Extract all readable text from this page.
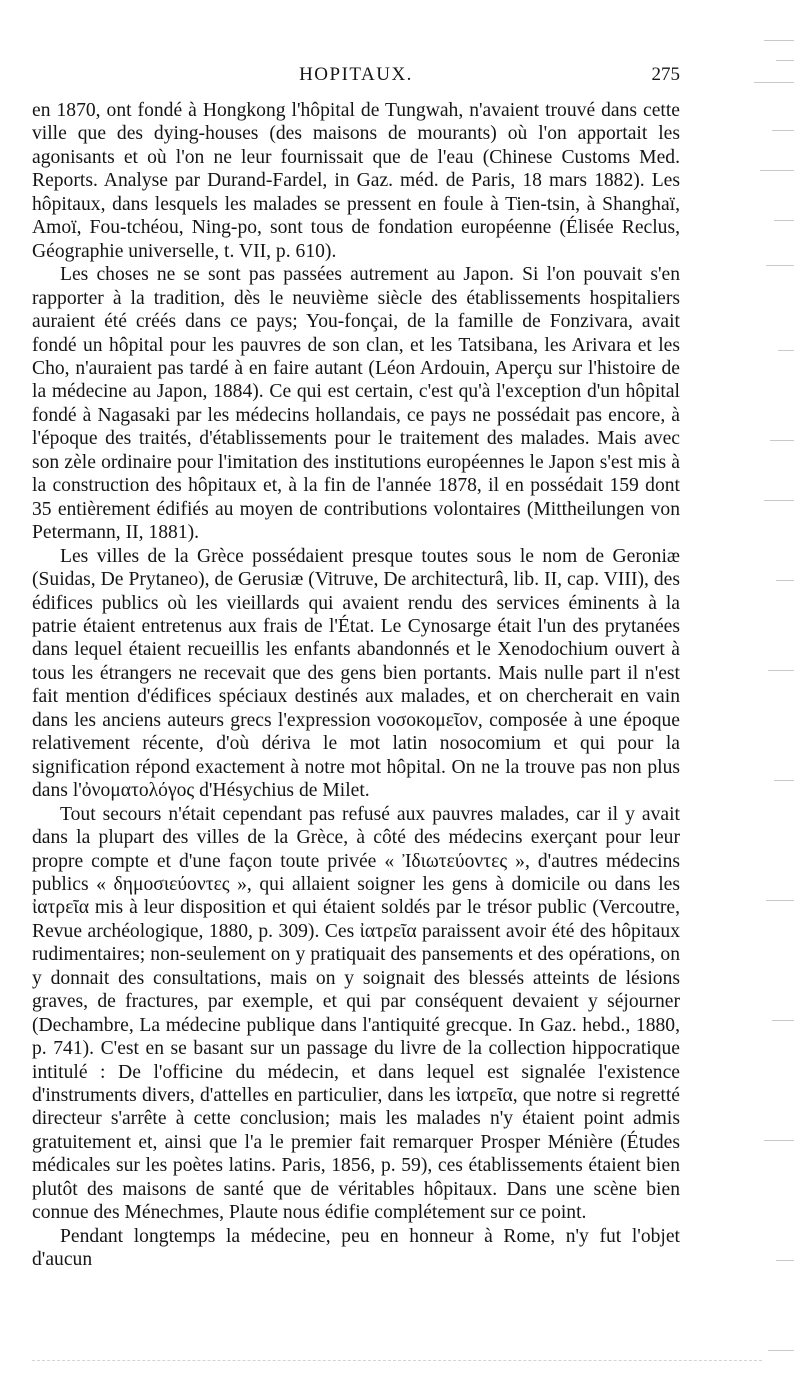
HOPITAUX.	275

en 1870, ont fondé à Hongkong l'hôpital de Tungwah, n'avaient trouvé dans cette ville que des dying-houses (des maisons de mourants) où l'on apportait les agonisants et où l'on ne leur fournissait que de l'eau (Chinese Customs Med. Reports. Analyse par Durand-Fardel, in Gaz. méd. de Paris, 18 mars 1882). Les hôpitaux, dans lesquels les malades se pressent en foule à Tien-tsin, à Shanghaï, Amoï, Fou-tchéou, Ning-po, sont tous de fondation européenne (Élisée Reclus, Géographie universelle, t. VII, p. 610).

Les choses ne se sont pas passées autrement au Japon. Si l'on pouvait s'en rapporter à la tradition, dès le neuvième siècle des établissements hospitaliers auraient été créés dans ce pays; You-fonçai, de la famille de Fonzivara, avait fondé un hôpital pour les pauvres de son clan, et les Tatsibana, les Arivara et les Cho, n'auraient pas tardé à en faire autant (Léon Ardouin, Aperçu sur l'histoire de la médecine au Japon, 1884). Ce qui est certain, c'est qu'à l'exception d'un hôpital fondé à Nagasaki par les médecins hollandais, ce pays ne possédait pas encore, à l'époque des traités, d'établissements pour le traitement des malades. Mais avec son zèle ordinaire pour l'imitation des institutions européennes le Japon s'est mis à la construction des hôpitaux et, à la fin de l'année 1878, il en possédait 159 dont 35 entièrement édifiés au moyen de contributions volontaires (Mittheilungen von Petermann, II, 1881).

Les villes de la Grèce possédaient presque toutes sous le nom de Geroniæ (Suidas, De Prytaneo), de Gerusiæ (Vitruve, De architecturâ, lib. II, cap. VIII), des édifices publics où les vieillards qui avaient rendu des services éminents à la patrie étaient entretenus aux frais de l'État. Le Cynosarge était l'un des prytanées dans lequel étaient recueillis les enfants abandonnés et le Xenodochium ouvert à tous les étrangers ne recevait que des gens bien portants. Mais nulle part il n'est fait mention d'édifices spéciaux destinés aux malades, et on chercherait en vain dans les anciens auteurs grecs l'expression νοσοκομεῖον, composée à une époque relativement récente, d'où dériva le mot latin nosocomium et qui pour la signification répond exactement à notre mot hôpital. On ne la trouve pas non plus dans l'ὀνοματολόγος d'Hésychius de Milet.

Tout secours n'était cependant pas refusé aux pauvres malades, car il y avait dans la plupart des villes de la Grèce, à côté des médecins exerçant pour leur propre compte et d'une façon toute privée « Ἰδιωτεύοντες », d'autres médecins publics « δημοσιεύοντες », qui allaient soigner les gens à domicile ou dans les ἰατρεῖα mis à leur disposition et qui étaient soldés par le trésor public (Vercoutre, Revue archéologique, 1880, p. 309). Ces ἰατρεῖα paraissent avoir été des hôpitaux rudimentaires; non-seulement on y pratiquait des pansements et des opérations, on y donnait des consultations, mais on y soignait des blessés atteints de lésions graves, de fractures, par exemple, et qui par conséquent devaient y séjourner (Dechambre, La médecine publique dans l'antiquité grecque. In Gaz. hebd., 1880, p. 741). C'est en se basant sur un passage du livre de la collection hippocratique intitulé : De l'officine du médecin, et dans lequel est signalée l'existence d'instruments divers, d'attelles en particulier, dans les ἰατρεῖα, que notre si regretté directeur s'arrête à cette conclusion; mais les malades n'y étaient point admis gratuitement et, ainsi que l'a le premier fait remarquer Prosper Ménière (Études médicales sur les poètes latins. Paris, 1856, p. 59), ces établissements étaient bien plutôt des maisons de santé que de véritables hôpitaux. Dans une scène bien connue des Ménechmes, Plaute nous édifie complétement sur ce point.

Pendant longtemps la médecine, peu en honneur à Rome, n'y fut l'objet d'aucun
